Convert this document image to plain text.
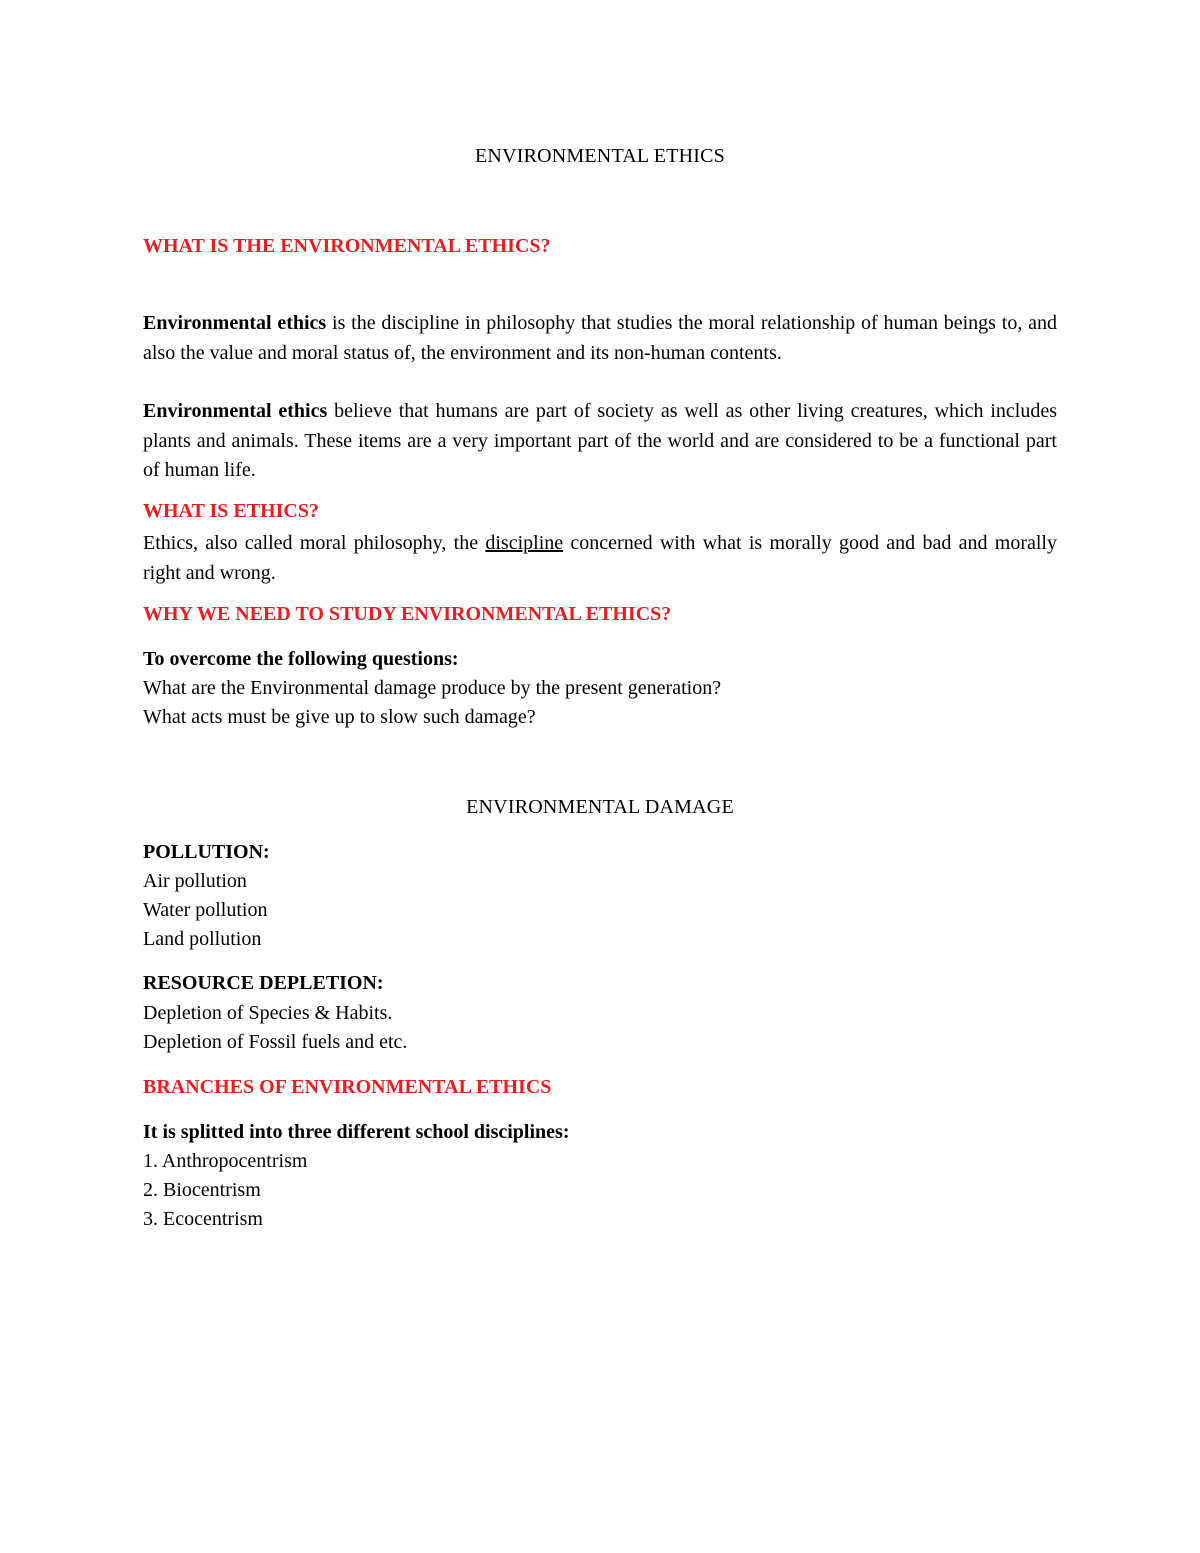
ENVIRONMENTAL ETHICS
WHAT IS THE ENVIRONMENTAL ETHICS?

Environmental ethics is the discipline in philosophy that studies the moral relationship of human beings to, and also the value and moral status of, the environment and its non-human contents.

Environmental ethics believe that humans are part of society as well as other living creatures, which includes plants and animals. These items are a very important part of the world and are considered to be a functional part of human life.

WHAT IS ETHICS?

Ethics, also called moral philosophy, the discipline concerned with what is morally good and bad and morally right and wrong.

WHY WE NEED TO STUDY ENVIRONMENTAL ETHICS?

To overcome the following questions:

What are the Environmental damage produce by the present generation?

What acts must be give up to slow such damage?

ENVIRONMENTAL DAMAGE

POLLUTION:

Air pollution

Water pollution

Land pollution

RESOURCE DEPLETION:

Depletion of Species & Habits.

Depletion of Fossil fuels and etc.

BRANCHES OF ENVIRONMENTAL ETHICS

It is splitted into three different school disciplines:

1. Anthropocentrism

2. Biocentrism

3. Ecocentrism
